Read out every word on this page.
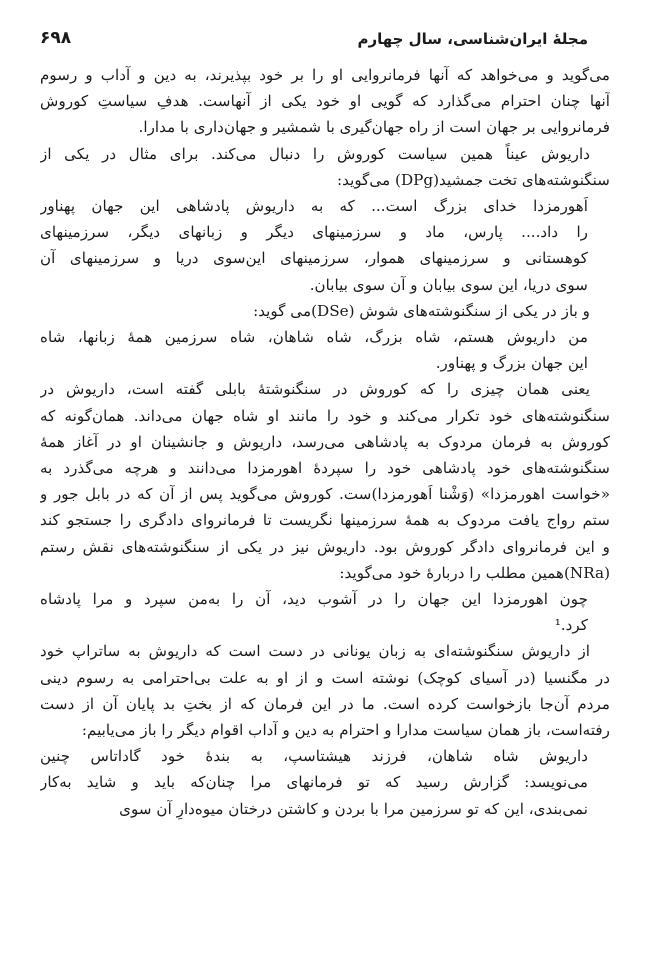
مجلهٔ ایران‌شناسی، سال چهارم
۶۹۸
می‌گوید و می‌خواهد که آنها فرمانروایی او را بر خود بپذیرند، به دین و آداب و رسوم
آنها چنان احترام می‌گذارد که گویی او خود یکی از آنهاست. هدفِ سیاستِ کوروش
فرمانروایی بر جهان است از راه جهان‌گیری با شمشیر و جهان‌داری با مدارا.
داریوش عیناً همین سیاست کوروش را دنبال می‌کند. برای مثال در یکی از
سنگنوشته‌های تخت جمشید(DPg) می‌گوید:
اَهورمزدا خدای بزرگ است... که به داریوش پادشاهی این جهان پهناور
را داد.... پارس، ماد و سرزمینهای دیگر و زبانهای دیگر، سرزمینهای
کوهستانی و سرزمینهای هموار، سرزمینهای این‌سوی دریا و سرزمینهای آن
سوی دریا، این سوی بیابان و آن سوی بیابان.
و باز در یکی از سنگنوشته‌های شوش (DSe)می گوید:
من داریوش هستم، شاه بزرگ، شاه شاهان، شاه سرزمین همهٔ زبانها، شاه
این جهان بزرگ و پهناور.
یعنی همان چیزی را که کوروش در سنگنوشتهٔ بابلی گفته است، داریوش در
سنگنوشته‌های خود تکرار می‌کند و خود را مانند او شاه جهان می‌داند. همان‌گونه که
کوروش به فرمان مردوک به پادشاهی می‌رسد، داریوش و جانشینان او در آغاز همهٔ
سنگنوشته‌های خود پادشاهی خود را سپردهٔ اهورمزدا می‌دانند و هرچه می‌گذرد به
«خواست اهورمزدا» (وَشْنا اَهورمزدا)ست. کوروش می‌گوید پس از آن که در بابل جور و
ستم رواج یافت مردوک به همهٔ سرزمینها نگریست تا فرمانروای دادگری را جستجو کند
و این فرمانروای دادگر کوروش بود. داریوش نیز در یکی از سنگنوشته‌های نقش رستم
(NRa)همین مطلب را دربارهٔ خود می‌گوید:
چون اهورمزدا این جهان را در آشوب دید، آن را به‌من سپرد و مرا پادشاه
کرد.¹
از داریوش سنگنوشته‌ای به زبان یونانی در دست است که داریوش به ساتراپ خود
در مگنسیا (در آسیای کوچک) نوشته است و از او به علت بی‌احترامی به رسوم دینی
مردم آن‌جا بازخواست کرده است. ما در این فرمان که از بختِ بد پایان آن از دست
رفته‌است، باز همان سیاست مدارا و احترام به دین و آداب اقوام دیگر را باز می‌یابیم:
داریوش شاه شاهان، فرزند هیشتاسپ، به بندهٔ خود گاداتاس چنین
می‌نویسد: گزارش رسید که تو فرمانهای مرا چنان‌که باید و شاید به‌کار
نمی‌بندی، این که تو سرزمین مرا با بردن و کاشتن درختان میوه‌دارِ آن سوی
